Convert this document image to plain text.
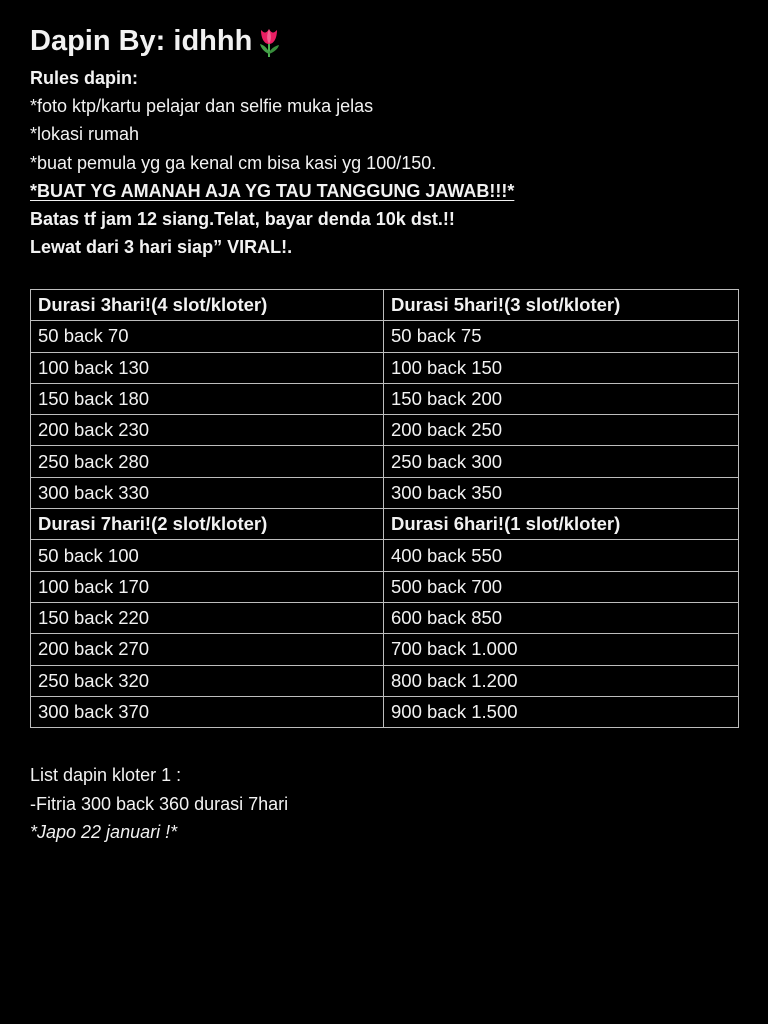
Dapin By: idhhh
Rules dapin:
*foto ktp/kartu pelajar dan selfie muka jelas
*lokasi rumah
*buat pemula yg ga kenal cm bisa kasi yg 100/150.
*BUAT YG AMANAH AJA YG TAU TANGGUNG JAWAB!!!*
Batas tf jam 12 siang.Telat, bayar denda 10k dst.!!
Lewat dari 3 hari siap” VIRAL!.
Durasi 3hari!(4 slot/kloter)	Durasi 5hari!(3 slot/kloter)
50 back 70	50 back 75
100 back 130	100 back 150
150 back 180	150 back 200
200 back 230	200 back 250
250 back 280	250 back 300
300 back 330	300 back 350
Durasi 7hari!(2 slot/kloter)	Durasi 6hari!(1 slot/kloter)
50 back 100	400 back 550
100 back 170	500 back 700
150 back 220	600 back 850
200 back 270	700 back 1.000
250 back 320	800 back 1.200
300 back 370	900 back 1.500
List dapin kloter 1 :
-Fitria 300 back 360 durasi 7hari
*Japo 22 januari !*
